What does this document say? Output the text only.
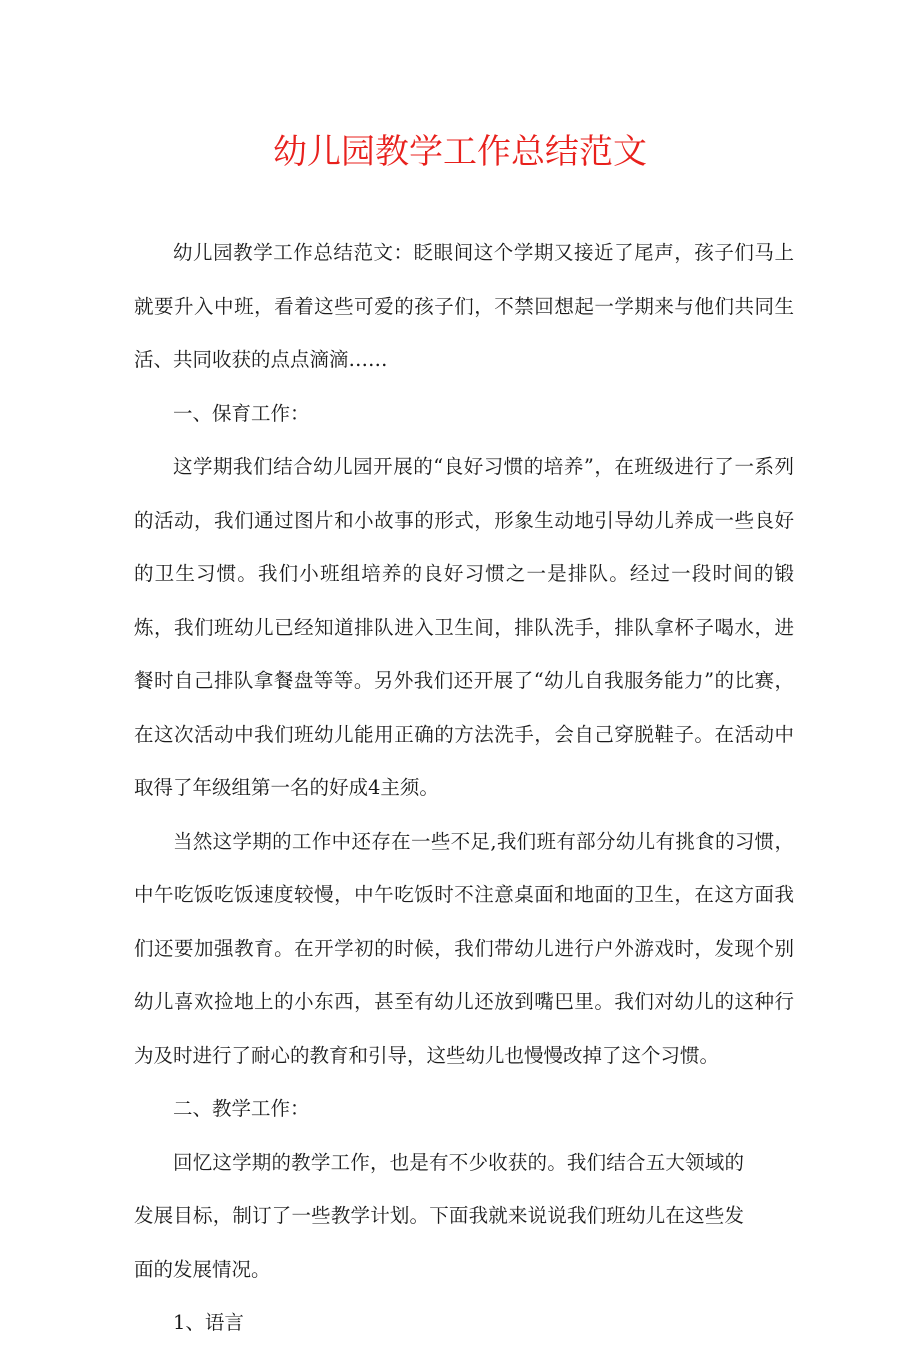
幼儿园教学工作总结范文

幼儿园教学工作总结范文：眨眼间这个学期又接近了尾声，孩子们马上就要升入中班，看着这些可爱的孩子们，不禁回想起一学期来与他们共同生活、共同收获的点点滴滴……

一、保育工作：

这学期我们结合幼儿园开展的“良好习惯的培养”，在班级进行了一系列的活动，我们通过图片和小故事的形式，形象生动地引导幼儿养成一些良好的卫生习惯。我们小班组培养的良好习惯之一是排队。经过一段时间的锻炼，我们班幼儿已经知道排队进入卫生间，排队洗手，排队拿杯子喝水，进餐时自己排队拿餐盘等等。另外我们还开展了“幼儿自我服务能力”的比赛，在这次活动中我们班幼儿能用正确的方法洗手，会自己穿脱鞋子。在活动中取得了年级组第一名的好成4主须。

当然这学期的工作中还存在一些不足,我们班有部分幼儿有挑食的习惯，中午吃饭吃饭速度较慢，中午吃饭时不注意桌面和地面的卫生，在这方面我们还要加强教育。在开学初的时候，我们带幼儿进行户外游戏时，发现个别幼儿喜欢捡地上的小东西，甚至有幼儿还放到嘴巴里。我们对幼儿的这种行为及时进行了耐心的教育和引导，这些幼儿也慢慢改掉了这个习惯。

二、教学工作：

回忆这学期的教学工作，也是有不少收获的。我们结合五大领域的发展目标，制订了一些教学计划。下面我就来说说我们班幼儿在这些发面的发展情况。

1、语言
